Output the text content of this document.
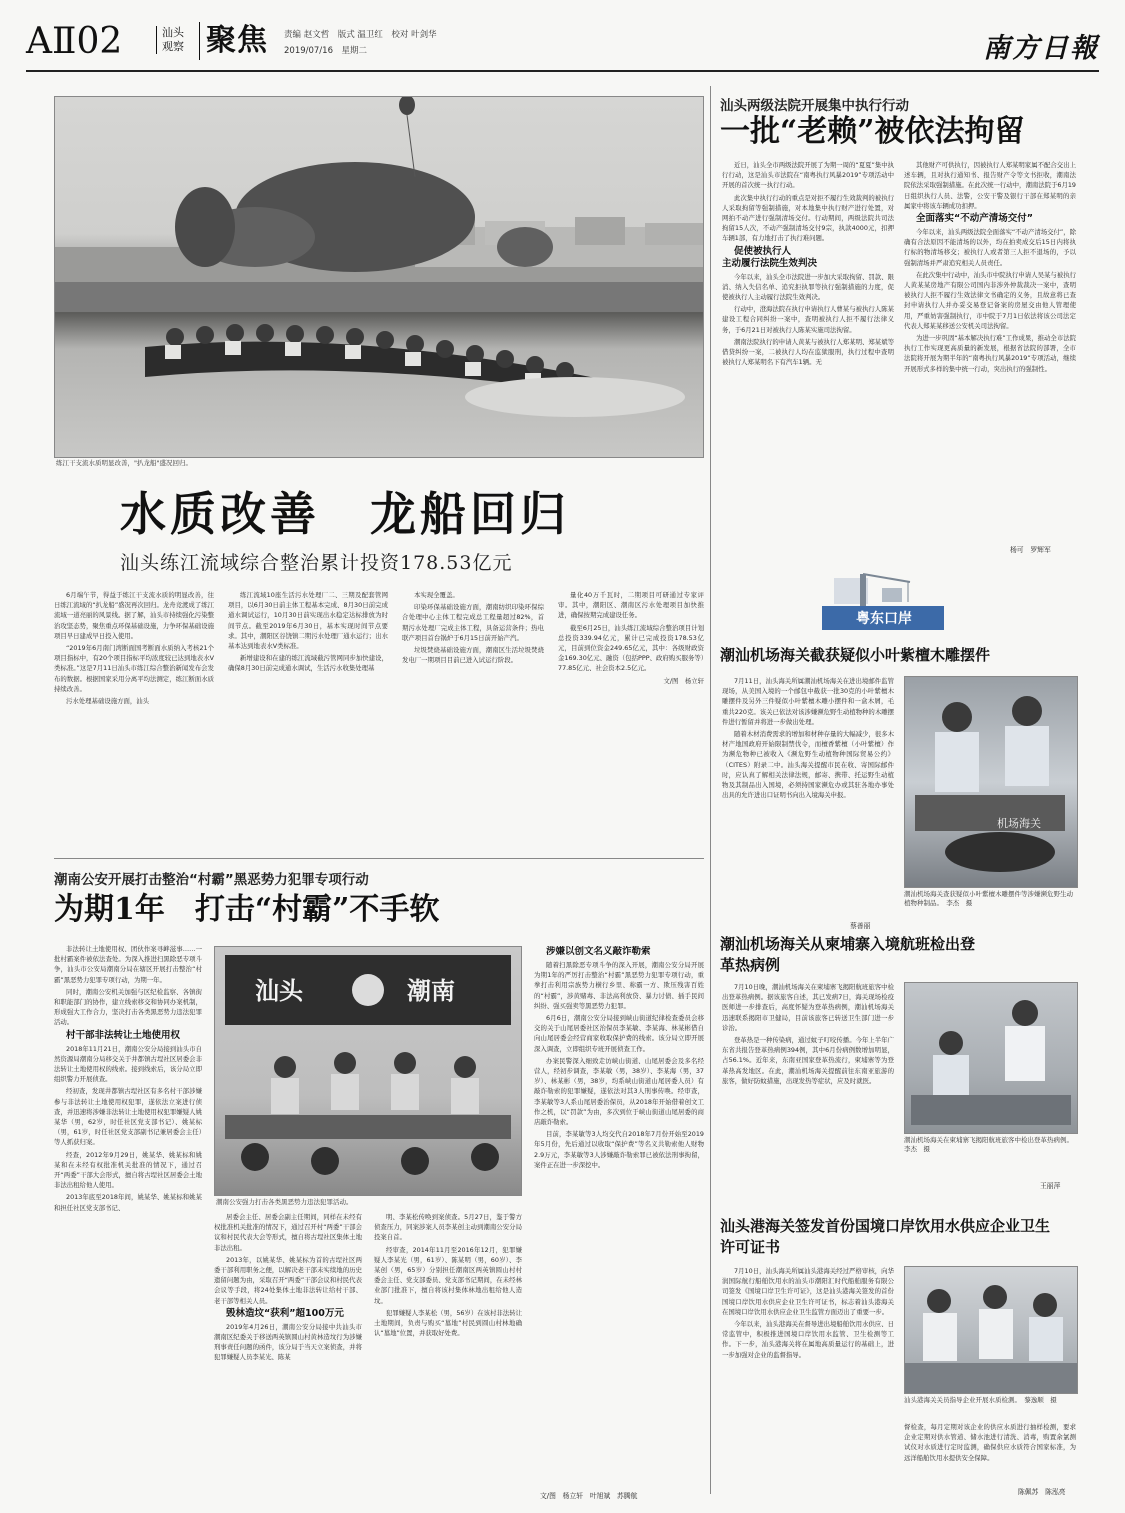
AⅡ02	汕头
观察 聚焦 责编 赵文哲　版式 温卫红　校对 叶剑华
2019/07/16　星期二	南方日報
练江干支流水质明显改善，"扒龙船"盛况回归。
水质改善　龙船回归
汕头练江流域综合整治累计投资178.53亿元

6月端午节，得益于练江干支流水质的明显改善，往日练江流域的“扒龙船”盛况再次回归。龙舟竞渡成了练江流域一道亮丽的风景线。据了解，汕头市持续强化污染整治攻坚态势，聚焦重点环保基础设施，力争环保基础设施项目早日建成早日投入使用。

“2019年6月南门湾断面国考断面水质纳入考核21个项目指标中，有20个项目指标平均浓度较已达到地表水V类标准。”这是7月11日汕头市练江综合整治新闻发布会发布的数据。根据国家采用分离平均法测定，练江断面水质持续改善。

污水处理基础设施方面，汕头

练江流域10座生活污水处理厂二、三期及配套管网项目，以6月30日前主体工程基本完成、8月30日前完成通水调试运行，10月30日前实现出水稳定达标排放为时间节点。截至2019年6月30日，基本实现时间节点要求。其中，潮阳区谷饶镇二期污水处理厂通水运行；出水基本达到地表水V类标准。

新增建设和在建的练江流域截污管网同步加快建设，确保8月30日前完成通水调试，生活污水收集处理基

本实现全覆盖。

印染环保基础设施方面，潮南纺织印染环保综合处理中心主体工程完成总工程量超过82%，首期污水处理厂完成主体工程，具备运营条件；热电联产项目首台锅炉于6月15日前开始产汽。

垃圾焚烧基础设施方面，潮南区生活垃圾焚烧发电厂一期项目目前已进入试运行阶段。

量化40万千瓦时，二期项目可研通过专家评审。其中，潮阳区、潮南区污水处理项目加快推进，确保按期完成建设任务。

截至6月25日，汕头练江流域综合整治项目计划总投资339.94亿元，累计已完成投资178.53亿元，目前到位资金249.65亿元，其中：各级财政资金169.30亿元、融资（包括PPP、政府购买服务等）77.85亿元、社会资本2.5亿元。

文/图　杨立轩

汕头两级法院开展集中执行行动
一批“老赖”被依法拘留

近日，汕头全市两级法院开展了为期一周的“夏夏”集中执行行动，这是汕头市法院在“南粤执行风暴2019”专项活动中开展的首次统一执行行动。

此次集中执行行动的重点是对拒不履行生效裁判的被执行人采取拘留等强制措施，对本地集中执行财产进行处置，对网拍不动产进行强制清场交付。行动期间，两级法院共司法拘留15人次，不动产强制清场交付9宗，执款4000元，扣押车辆1部，有力地打击了执行难问题。

促使被执行人
主动履行法院生效判决

今年以来，汕头全市法院进一步加大采取拘留、罚款、限消、纳入失信名单、追究拒执罪等执行强制措施的力度，促使被执行人主动履行法院生效判决。

行动中，澄海法院在执行申请执行人曹某与被执行人陈某建设工程合同纠纷一案中，查明被执行人拒不履行法律义务，于6月21日对被执行人陈某实施司法拘留。

潮南法院执行的申请人黄某与被执行人郑某明、郑某斌等借贷纠纷一案，二被执行人均在监狱服刑，执行过程中查明被执行人郑某明名下有汽车1辆。无

其他财产可供执行，因被执行人郑某明家属不配合交出上述车辆，且对执行通知书、报告财产令等文书拒收，潮南法院依法采取强制措施。在此次统一行动中，潮南法院于6月19日组织执行人员、法警，公安干警及银行干部在郑某明的亲属家中将该车辆成功扣押。

全面落实“不动产清场交付”

今年以来，汕头两级法院全面落实“不动产清场交付”，除确有合法原因不能清场的以外，均在拍卖成交后15日内将执行标的物清场移交；被执行人或者第三人拒不退场的，予以强制清场并严肃追究相关人员责任。

在此次集中行动中，汕头市中院执行申请人吴某与被执行人黄某某房地产有限公司国内非涉外仲裁裁决一案中，查明被执行人拒不履行生效法律文书确定的义务，且故意将已查封申请执行人并办妥交易登记备案的房屋交由他人管理使用，严重妨害强制执行，市中院于7月1日依法将该公司法定代表人郑某某移送公安机关司法拘留。

为进一步巩固“基本解决执行难”工作成果，推动全市法院执行工作实现更高质量的新发展，根据省法院的部署，全市法院将开展为期半年的“南粤执行风暴2019”专项活动，继续开展形式多样的集中统一行动，突出执行的强制性。

杨可　罗辉军
粤东口岸
潮汕机场海关截获疑似小叶紫檀木雕摆件

7月11日，汕头海关所属潮汕机场海关在进出境邮件监管现场，从美国入境的一个邮包中截获一批30克的小叶紫檀木雕摆件及另外三件疑似小叶紫檀木雕小摆件和一盒木屑，毛重共220克。该关已依法对该涉嫌濒危野生动植物种的木雕摆件进行暂留并将进一步做出处理。

随着木材消费需求的增加和材种存量的大幅减少，很多木材产地国政府开始限制禁伐令，而檀香紫檀（小叶紫檀）作为濒危物种已被收入《濒危野生动植物种国际贸易公约》（CITES）附录二中。汕头海关提醒市民在收、寄国际邮件时，应认真了解相关法律法规，邮寄、携带、托运野生动植物及其制品出入国境，必须持国家濒危办或其驻各地办事处出具的允许进出口证明书向出入境海关申报。

蔡善丽
机场海关
潮汕机场海关查获疑似小叶紫檀木雕摆件等涉嫌濒危野生动植物种制品。　李杰　摄
潮汕机场海关从柬埔寨入境航班检出登革热病例

7月10日晚，潮汕机场海关在柬埔寨飞揭阳航班旅客中检出登革热病例。据该旅客自述，其已发病7日，海关现场检疫医师进一步排查后，高度怀疑为登革热病例，潮汕机场海关迅速联系揭阳市卫健局，目前该旅客已转送卫生部门进一步诊治。

登革热是一种传染病，通过蚊子叮咬传播。今年上半年广东省共报告登革热病例394例，其中6月份病例数增加明显，占56.1%。近年来，东南亚国家登革热流行，柬埔寨等为登革热高发地区。在此，潮汕机场海关提醒前往东南亚旅游的旅客，做好防蚊措施，出现发热等症状，应及时就医。

潮汕机场海关在柬埔寨飞揭阳航班旅客中检出登革热病例。　李杰　摄
王丽萍
汕头港海关签发首份国境口岸饮用水供应企业卫生许可证书

7月10日，汕头海关所属汕头港海关经过严格审核，向华润国际航行船舶饮用水的汕头市潮阳汇时代船舶服务有限公司签发《国境口岸卫生许可证》，这是汕头港海关签发的首份国境口岸饮用水供应企业卫生许可证书，标志着汕头港海关在国境口岸饮用水供应企业卫生监管方面迈出了重要一步。

今年以来，汕头港海关在督导进出境船舶饮用水供应、日常监管中，积极推进国境口岸饮用水监管、卫生检测等工作。下一步，汕头港海关将在属地高质量运行的基础上，进一步加强对企业的监督指导。

汕头港海关关员指导企业开展水质检测。　黎逸顺　摄

督检查，每月定期对该企业的供应水质进行抽样检测，要求企业定期对供水管道、储水池进行清洗、消毒，购置余氯测试仪对水质进行定时监测，确保供应水质符合国家标准，为远洋船舶饮用水提供安全保障。

陈佩苏　陈泓亮
潮南公安开展打击整治“村霸”黑恶势力犯罪专项行动
为期1年　打击“村霸”不手软

非法转让土地使用权、团伙作案寻衅滋事……一批村霸案件被依法查处。为深入推进扫黑除恶专项斗争，汕头市公安局潮南分局在辖区开展打击整治“村霸”黑恶势力犯罪专项行动，为期一年。

同时，潮南公安机关加强与区纪检监察、各镇街和职能部门的协作，建立线索移交和协同办案机制，形成强大工作合力，坚决打击各类黑恶势力违法犯罪活动。

村干部非法转让土地使用权

2018年11月21日，潮南公安分局接到汕头市自然资源局潮南分局移交关于井都镇古埕社区居委会非法转让土地使用权的线索。接到线索后，该分局立即组织警力开展侦查。

经初查，发现井都镇古埕社区有多名村干部涉嫌参与非法转让土地使用权犯罪，遂依法立案进行侦查，并迅速将涉嫌非法转让土地使用权犯罪嫌疑人姚某华（男，62岁，时任社区党支部书记）、姚某标（男，61岁，时任社区党支部副书记兼居委会主任）等人抓获归案。

经查，2012年9月29日，姚某华、姚某标和姚某和在未经有权批准机关批准的情况下，通过召开“两委”干部大会形式，擅自将古埕社区居委会土地非法出租给他人使用。

2013年底至2018年间，姚某华、姚某标和姚某和担任社区党支部书记、

汕头	潮南
潮南公安强力打击各类黑恶势力违法犯罪活动。

居委会主任、居委会副主任期间，同样在未经有权批准机关批准的情况下，通过召开村“两委”干部会议和村民代表大会等形式，擅自将古埕社区集体土地非法出租。

2013年，以姚某华、姚某标为首的古埕社区两委干部利用职务之便，以解决老干部未实续地的历史遗留问题为由，采取召开“两委”干部会议和村民代表会议等手段，将24处集体土地非法转让给村干部、老干部等相关人员。

毁林造坟“获利”超100万元

2019年4月26日，潮南公安分局接中共汕头市潮南区纪委关于移送两英镇圆山村黄林造坟行为涉嫌刑事责任问题的函件，该分局于当天立案侦查，并将犯罪嫌疑人员李某光、陈某

明、李某松传唤到案侦查。5月27日，鉴于警方侦查压力，同案涉案人员李某创主动到潮南公安分局投案自首。

经审查，2014年11月至2016年12月，犯罪嫌疑人李某光（男，61岁）、陈某明（男，60岁）、李某创（男，65岁）分别担任潮南区两英镇圆山村村委会主任、党支部委员、党支部书记期间，在未经林业部门批准下，擅自将该村集体林地出租给他人造坟。

犯罪嫌疑人李某松（男，56岁）在该村非法转让土地期间，负责与购买“墓地”村民到圆山村林地确认“墓地”位置，并获取好处费。

涉嫌以创文名义敲诈勒索

随着扫黑除恶专项斗争的深入开展，潮南公安分局开展为期1年的严厉打击整治“村霸”黑恶势力犯罪专项行动，重拳打击利用宗族势力横行乡里、称霸一方、欺压残害百姓的“村霸”，涉黄赌毒、非法高利放贷、暴力讨债、插手民间纠纷、强买强卖等黑恶势力犯罪。

6月6日，潮南公安分局接到峡山街道纪律检查委员会移交的关于山尾居委社区治保员李某敏、李某海、林某彬借自向山尾居委会经营商家收取保护费的线索。该分局立即开展深入调查，立即组织专班开展侦查工作。

办案民警深入细致走访峡山街道、山尾居委会及多名经营人，经初步调查，李某敏（男，38岁）、李某海（男，37岁）、林某彬（男，38岁，均系峡山街道山尾居委人员）有敲诈勒索的犯罪嫌疑，遂依法对其3人刑事传唤。经审查，李某敏等3人系山尾居委治保员，从2018年开始借着创文工作之机，以“罚款”为由，多次到位于峡山街道山尾居委的商店敲诈勒索。

目前，李某敏等3人均交代自2018年7月份开始至2019年5月份，先后通过以收取“保护费”等名义共勒索他人财物2.9万元，李某敏等3人涉嫌敲诈勒索罪已被依法刑事拘留，案件正在进一步深挖中。

文/图　杨立轩　叶旭斌　苏腾航
